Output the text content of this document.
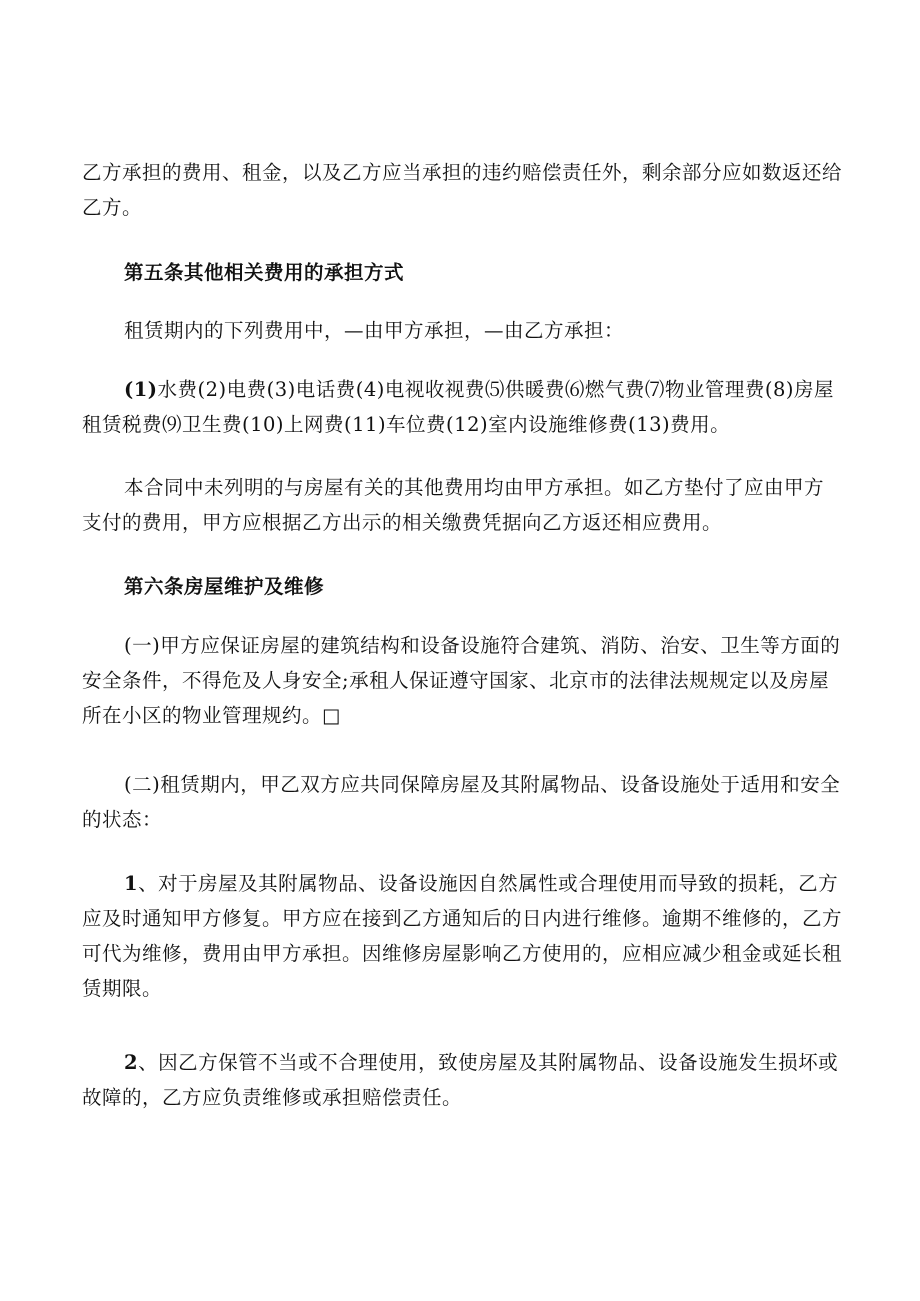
乙方承担的费用、租金，以及乙方应当承担的违约赔偿责任外，剩余部分应如数返还给乙方。

第五条其他相关费用的承担方式

租赁期内的下列费用中，—由甲方承担，—由乙方承担：

(1)水费(2)电费(3)电话费(4)电视收视费⑸供暖费⑹燃气费⑺物业管理费(8)房屋租赁税费⑼卫生费(10)上网费(11)车位费(12)室内设施维修费(13)费用。

本合同中未列明的与房屋有关的其他费用均由甲方承担。如乙方垫付了应由甲方支付的费用，甲方应根据乙方出示的相关缴费凭据向乙方返还相应费用。

第六条房屋维护及维修

(一)甲方应保证房屋的建筑结构和设备设施符合建筑、消防、治安、卫生等方面的安全条件，不得危及人身安全;承租人保证遵守国家、北京市的法律法规规定以及房屋所在小区的物业管理规约。□

(二)租赁期内，甲乙双方应共同保障房屋及其附属物品、设备设施处于适用和安全的状态：

1、对于房屋及其附属物品、设备设施因自然属性或合理使用而导致的损耗，乙方应及时通知甲方修复。甲方应在接到乙方通知后的日内进行维修。逾期不维修的，乙方可代为维修，费用由甲方承担。因维修房屋影响乙方使用的，应相应减少租金或延长租赁期限。

2、因乙方保管不当或不合理使用，致使房屋及其附属物品、设备设施发生损坏或故障的，乙方应负责维修或承担赔偿责任。
